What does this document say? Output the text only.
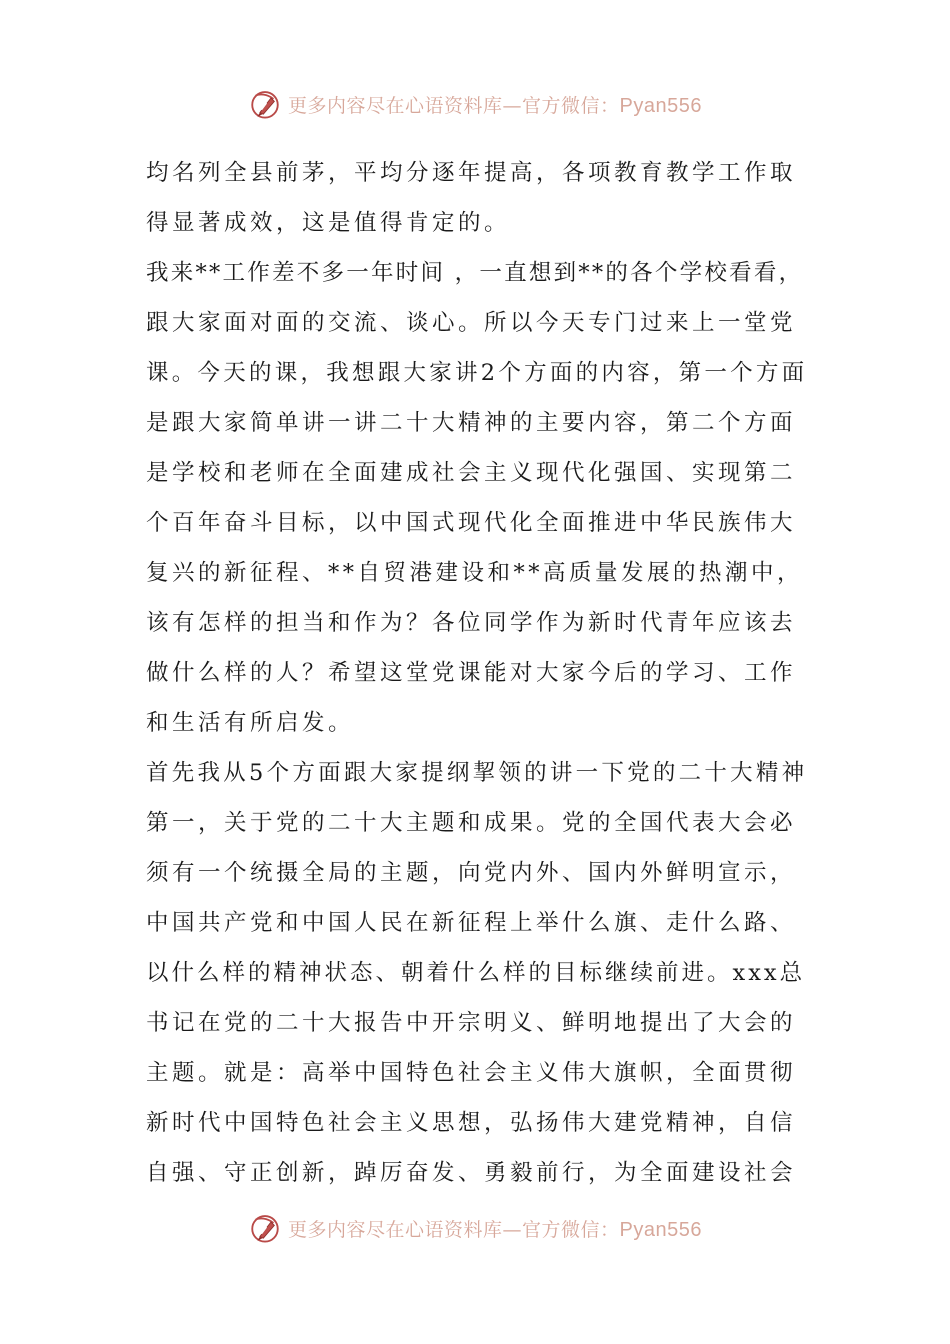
更多内容尽在心语资料库—官方微信：Pyan556
均名列全县前茅，平均分逐年提高，各项教育教学工作取
得显著成效，这是值得肯定的。
我来**工作差不多一年时间 ，一直想到**的各个学校看看，
跟大家面对面的交流、谈心。所以今天专门过来上一堂党
课。今天的课，我想跟大家讲2个方面的内容，第一个方面
是跟大家简单讲一讲二十大精神的主要内容，第二个方面
是学校和老师在全面建成社会主义现代化强国、实现第二
个百年奋斗目标，以中国式现代化全面推进中华民族伟大
复兴的新征程、**自贸港建设和**高质量发展的热潮中，
该有怎样的担当和作为？各位同学作为新时代青年应该去
做什么样的人？希望这堂党课能对大家今后的学习、工作
和生活有所启发。
首先我从5个方面跟大家提纲挈领的讲一下党的二十大精神
第一，关于党的二十大主题和成果。党的全国代表大会必
须有一个统摄全局的主题，向党内外、国内外鲜明宣示，
中国共产党和中国人民在新征程上举什么旗、走什么路、
以什么样的精神状态、朝着什么样的目标继续前进。xxx总
书记在党的二十大报告中开宗明义、鲜明地提出了大会的
主题。就是：高举中国特色社会主义伟大旗帜，全面贯彻
新时代中国特色社会主义思想，弘扬伟大建党精神，自信
自强、守正创新，踔厉奋发、勇毅前行，为全面建设社会
更多内容尽在心语资料库—官方微信：Pyan556
